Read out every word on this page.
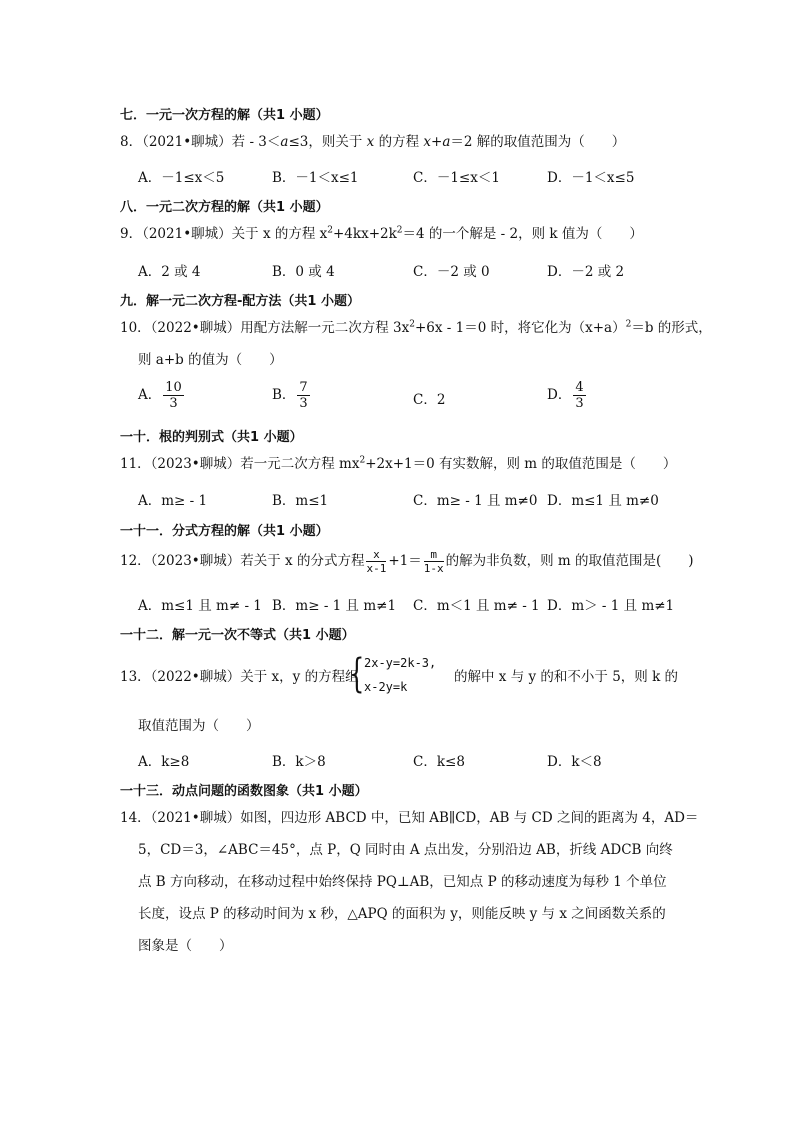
七．一元一次方程的解（共1 小题）
8．（2021•聊城）若 - 3＜a≤3，则关于 x 的方程 x+a＝2 解的取值范围为（　　）
A．－1≤x＜5	B．－1＜x≤1	C．－1≤x＜1	D．－1＜x≤5
八．一元二次方程的解（共1 小题）
9．（2021•聊城）关于 x 的方程 $x^2+4kx+2k^2=4$ 的一个解是 - 2，则 k 值为（　　）
A．2 或 4	B．0 或 4	C．－2 或 0	D．－2 或 2
九．解一元二次方程-配方法（共1 小题）
10．（2022•聊城）用配方法解一元二次方程 $3x^2+6x - 1=0$ 时，将它化为$(x+a)^2=b$ 的形式，
则 a+b 的值为（　　）
A． $\frac{10}{3}$	B． $\frac{7}{3}$	C．2	D． $\frac{4}{3}$
一十．根的判别式（共1 小题）
11．（2023•聊城）若一元二次方程 $mx^2+2x+1=0$ 有实数解，则 m 的取值范围是（　　）
A．m≥ - 1	B．m≤1	C．m≥ - 1 且 m≠0 D．m≤1 且 m≠0
一十一．分式方程的解（共1 小题）
12．（2023•聊城）若关于 x 的分式方程 $\frac{x}{x-1} +1= \frac{m}{1-x}$ 的解为非负数，则 m 的取值范围是(　　)
A．m≤1 且 m≠ - 1 B．m≥ - 1 且 m≠1 C．m＜1 且 m≠ - 1 D．m＞ - 1 且 m≠1
一十二．解一元一次不等式（共1 小题）
13．（2022•聊城）关于 x，y 的方程组
{ 2x-y=2k-3,
x-2y=k
的解中 x 与 y 的和不小于 5，则 k 的
取值范围为（　　）
A．k≥8	B．k＞8	C．k≤8	D．k＜8
一十三．动点问题的函数图象（共1 小题）
14．（2021•聊城）如图，四边形 ABCD 中，已知 AB∥CD，AB 与 CD 之间的距离为 4，AD＝
5，CD＝3，∠ABC＝45°，点 P，Q 同时由 A 点出发，分别沿边 AB，折线 ADCB 向终
点 B 方向移动，在移动过程中始终保持 PQ⊥AB，已知点 P 的移动速度为每秒 1 个单位
长度，设点 P 的移动时间为 x 秒，△APQ 的面积为 y，则能反映 y 与 x 之间函数关系的
图象是（　　）
